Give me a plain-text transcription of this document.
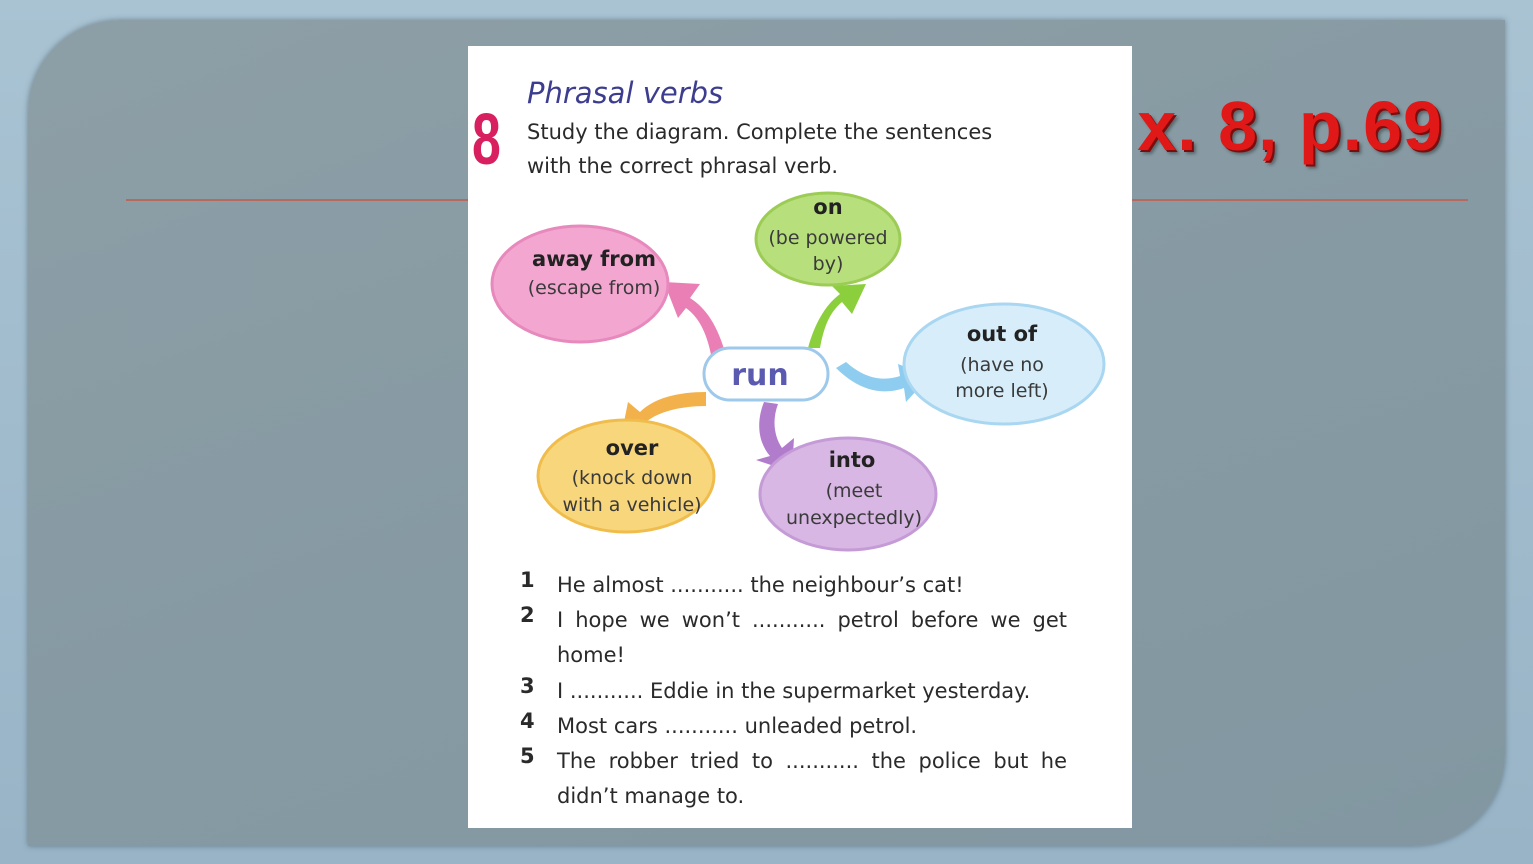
x. 8, p.69
Phrasal verbs
8 Study the diagram. Complete the sentences
with the correct phrasal verb.
run
away from
(escape from)
on
(be powered
by)
out of
(have no
more left)
over
(knock down
with a vehicle)
into
(meet
unexpectedly)
1 He almost ........... the neighbour’s cat!
2 I hope we won’t ........... petrol before we get home!
3 I ........... Eddie in the supermarket yesterday.
4 Most cars ........... unleaded petrol.
5 The robber tried to ........... the police but he didn’t manage to.
